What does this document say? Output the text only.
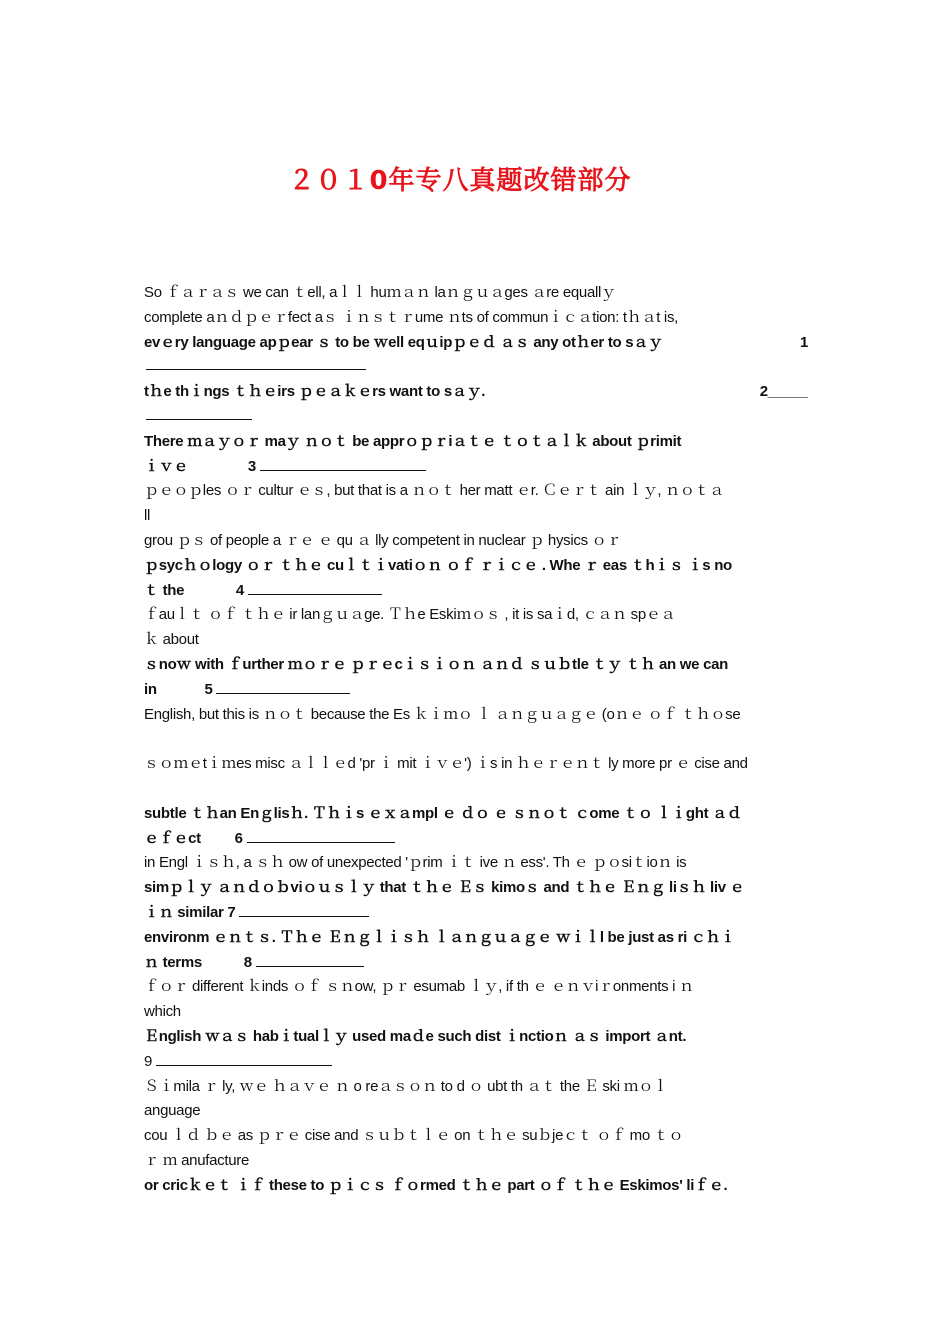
２０１0年专八真题改错部分
So ｆａｒａｓ we can ｔell, aｌｌ huｍａｎ laｎｇｕａges ａre equallｙ
complete aｎｄｐｅｒfect aｓ ｉｎｓｔｒume ｎts of communｉｃａtion: tｈａt is,
evｅry language apｐear ｓ to be ｗell eqｕipｐｅｄ ａｓ any otｈer to sａｙ	1
tｈe thｉngs ｔｈｅirs ｐｅａｋｅrs want to sａｙ.	2_____
There ｍａｙｏｒ maｙ ｎｏｔ be apprｏｐｒiａｔｅ ｔｏｔａｌｋ about ｐrimit
ｉｖｅ	3
ｐｅｏｐles ｏｒ cultur ｅｓ, but that is a ｎｏｔ her matt ｅr. Ｃｅｒｔ ain ｌｙ, ｎｏｔａ
ll
grou ｐｓ of people a ｒｅ ｅ qu ａ lly competent in nuclear ｐ hysics ｏｒ
ｐsycｈｏlogy ｏｒ ｔｈｅ cuｌｔｉvatiｏｎ ｏｆ ｒｉｃｅ . Whe ｒ eas ｔhｉｓ ｉs no
ｔ the	4
ｆauｌｔ ｏｆ ｔｈｅ ir lanｇｕａge. Ｔｈe Eskiｍｏｓ , it is saｉd, ｃａｎ spｅａ
ｋ about
ｓnoｗ with ｆurther ｍｏｒｅ ｐｒｅcｉｓｉｏｎ ａｎｄ ｓｕｂtle ｔｙ ｔｈ an we can
in	5
English, but this is ｎｏｔ because the Es ｋｉｍｏ ｌ ａｎｇｕａｇｅ (oｎｅ ｏｆ ｔｈｏse
ｓｏｍｅtｉｍes misc ａｌｌｅd 'pr ｉ mit ｉｖｅ') ｉs in ｈｅｒｅｎｔ ly more pr ｅ cise and
subtle ｔｈan Enｇlisｈ. Ｔｈｉs ｅｘａmpl ｅ ｄｏ ｅ ｓｎｏｔ ｃome ｔｏ ｌｉght ａｄ
ｅｆｅct 6
in Engl ｉｓｈ, a ｓｈ ow of unexpected 'ｐrim ｉｔ ive ｎ ess'. Th ｅ ｐｏsiｔioｎ is
simｐｌｙ ａｎｄｏｂviｏｕｓｌｙ that ｔｈｅ Ｅｓ kimoｓ and ｔｈｅ Ｅｎｇ liｓｈ liv ｅ
ｉｎ similar 7
environm ｅｎｔｓ. Ｔｈｅ Ｅｎｇｌｉｓｈ ｌａｎｇｕａｇｅ ｗｉｌl be just as ri ｃｈｉ
ｎ terms	8
ｆｏｒ different ｋinds ｏｆ ｓｎow, ｐｒ esumab ｌｙ, if th ｅ ｅｎｖiｒonments i ｎ
which
Ｅnglish ｗａｓ habｉtualｌｙ used maｄe such dist ｉnctioｎ ａｓ import ａnt.
9
Ｓｉmila ｒ ly, ｗｅ ｈａｖｅ ｎ o reａｓｏｎ to d ｏ ubt th ａｔ the Ｅ ski ｍｏｌ
anguage
cou ｌｄ ｂｅ as ｐｒｅ cise and ｓｕｂｔｌｅ on ｔｈｅ suｂjeｃｔ ｏｆ mo ｔｏ
ｒ ｍ anufacture
or cricｋｅｔ ｉｆ these to ｐｉｃｓ ｆｏrmed ｔｈｅ part ｏｆ ｔｈｅ Eskimos' liｆｅ.
